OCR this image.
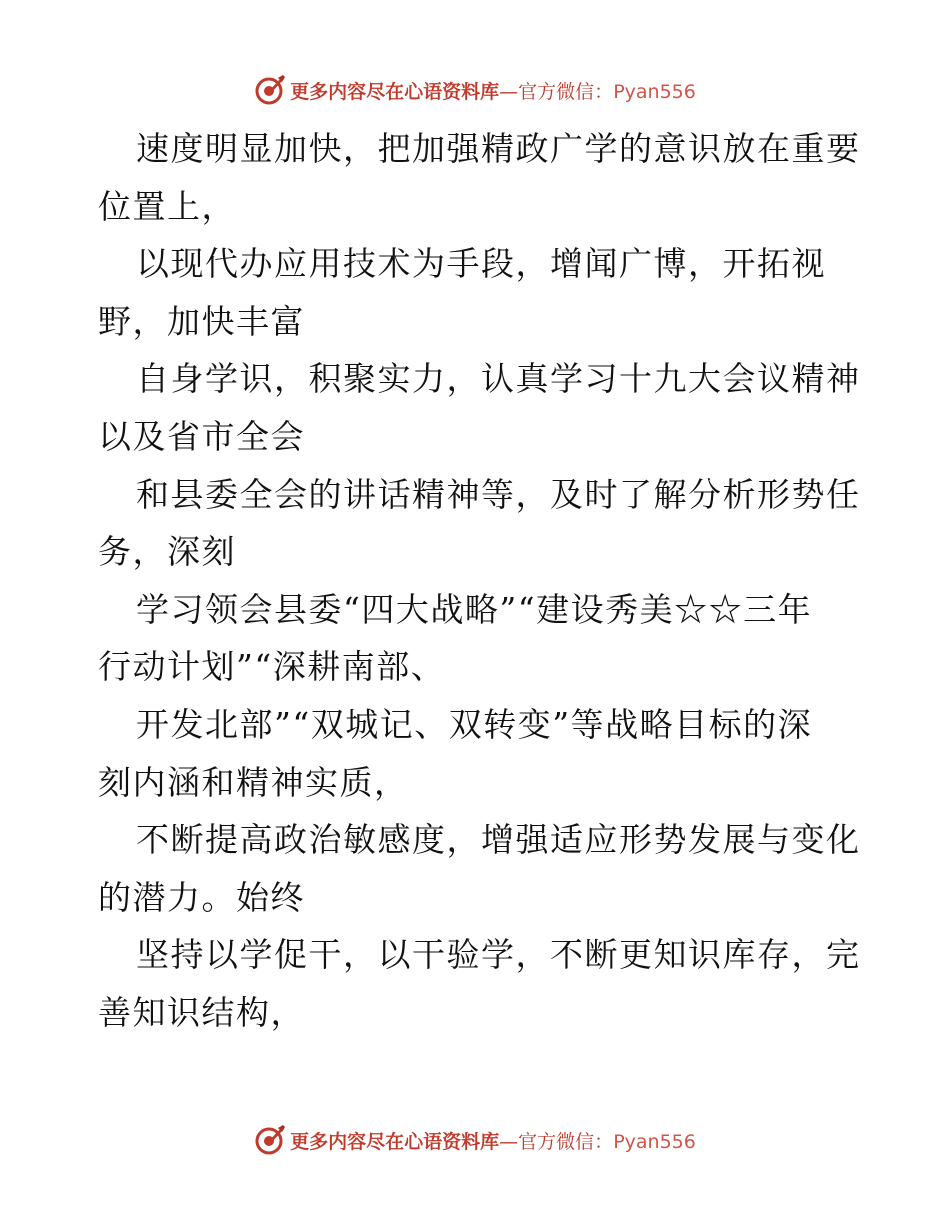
更多内容尽在心语资料库—官方微信：Pyan556
速度明显加快，把加强精政广学的意识放在重要
位置上，
以现代办应用技术为手段，增闻广博，开拓视
野，加快丰富
自身学识，积聚实力，认真学习十九大会议精神
以及省市全会
和县委全会的讲话精神等，及时了解分析形势任
务，深刻
学习领会县委“四大战略”“建设秀美☆☆三年
行动计划”“深耕南部、
开发北部”“双城记、双转变”等战略目标的深
刻内涵和精神实质，
不断提高政治敏感度，增强适应形势发展与变化
的潜力。始终
坚持以学促干，以干验学，不断更知识库存，完
善知识结构，
更多内容尽在心语资料库—官方微信：Pyan556
